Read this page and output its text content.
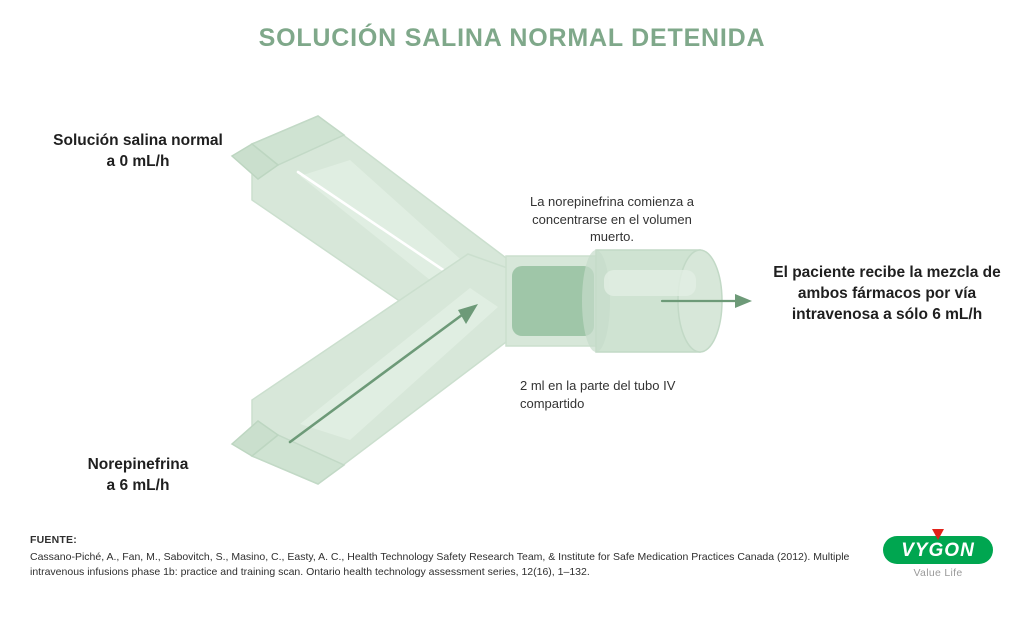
SOLUCIÓN SALINA NORMAL DETENIDA
Solución salina normal
a 0 mL/h
Norepinefrina
a 6 mL/h
La norepinefrina comienza a concentrarse en el volumen muerto.
2 ml en la parte del tubo IV compartido
El paciente recibe la mezcla de ambos fármacos por vía intravenosa a sólo 6 mL/h
FUENTE:
Cassano-Piché, A., Fan, M., Sabovitch, S., Masino, C., Easty, A. C., Health Technology Safety Research Team, & Institute for Safe Medication Practices Canada (2012). Multiple intravenous infusions phase 1b: practice and training scan. Ontario health technology assessment series, 12(16), 1–132.
VYGON
Value Life
